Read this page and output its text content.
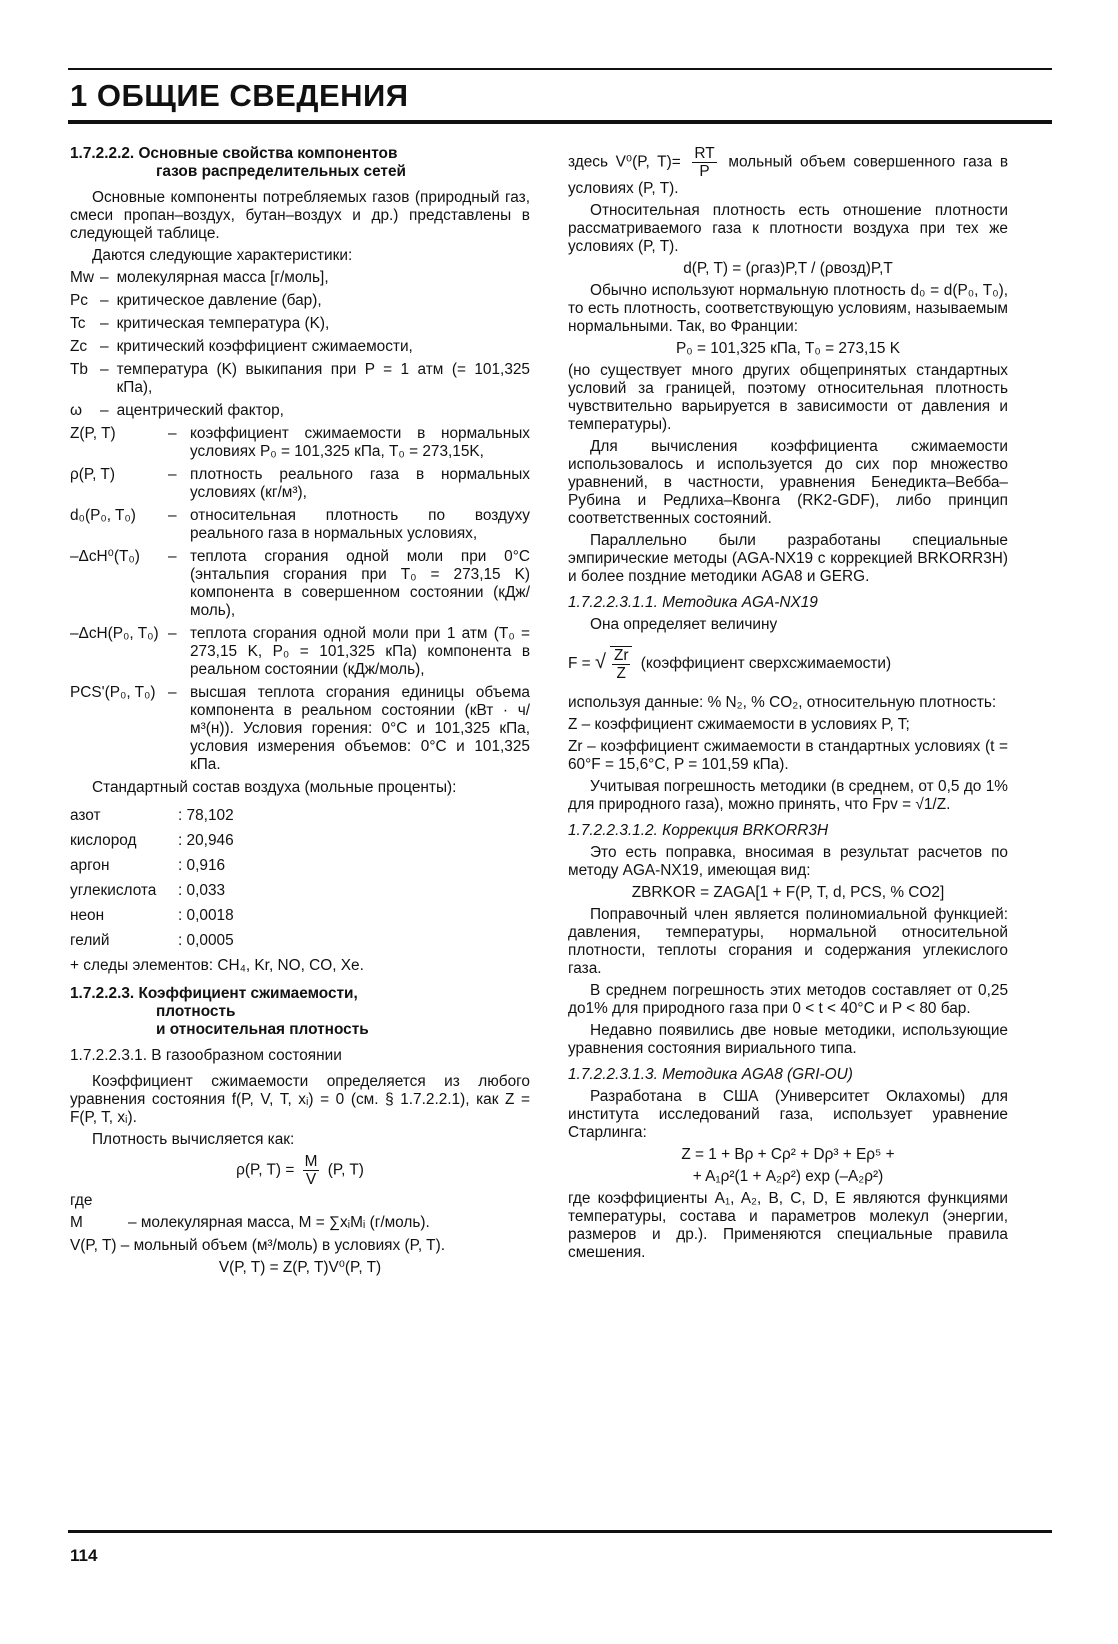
1 ОБЩИЕ СВЕДЕНИЯ
1.7.2.2.2. Основные свойства компонентов
газов распределительных сетей

Основные компоненты потребляемых газов (природный газ, смеси пропан–воздух, бутан–воздух и др.) представлены в следующей таблице.

Даются следующие характеристики:

Mw – молекулярная масса [г/моль],
Pc – критическое давление (бар),
Tc – критическая температура (K),
Zc – критический коэффициент сжимаемости,
Tb – температура (K) выкипания при P = 1 атм (= 101,325 кПа),
ω	– ацентрический фактор,
Z(P, T)	– коэффициент сжимаемости в нормальных условиях P₀ = 101,325 кПа, T₀ = 273,15K,
ρ(P, T)	– плотность реального газа в нормальных условиях (кг/м³),
d₀(P₀, T₀)	– относительная плотность по воздуху реального газа в нормальных условиях,
–ΔcH⁰(T₀)	– теплота сгорания одной моли при 0°C (энтальпия сгорания при T₀ = 273,15 K) компонента в совершенном состоянии (кДж/моль),
–ΔcH(P₀, T₀) – теплота сгорания одной моли при 1 атм (T₀ = 273,15 K, P₀ = 101,325 кПа) компонента в реальном состоянии (кДж/моль),
PCS'(P₀, T₀) – высшая теплота сгорания единицы объема компонента в реальном состоянии (кВт · ч/м³(н)). Условия горения: 0°C и 101,325 кПа, условия измерения объемов: 0°C и 101,325 кПа.

Стандартный состав воздуха (мольные проценты):

азот	: 78,102
кислород	: 20,946
аргон	: 0,916
углекислота	: 0,033
неон	: 0,0018
гелий	: 0,0005

+ следы элементов: CH₄, Kr, NO, CO, Xe.

1.7.2.2.3. Коэффициент сжимаемости,
плотность
и относительная плотность

1.7.2.2.3.1. В газообразном состоянии

Коэффициент сжимаемости определяется из любого уравнения состояния f(P, V, T, xᵢ) = 0 (см. § 1.7.2.2.1), как Z = F(P, T, xᵢ).

Плотность вычисляется как:

ρ(P, $T) = \frac{M}{V} (P$, T)

где

M	– молекулярная масса, M = ∑xᵢMᵢ (г/моль).

V(P, T) – мольный объем (м³/моль) в условиях (P, T).

V(P, T) = Z(P, T)V⁰(P, T)

здесь V⁰(P, $T)= \frac{RT}{P}$ мольный объем совершенного газа в условиях (P, T).

Относительная плотность есть отношение плотности рассматриваемого газа к плотности воздуха при тех же условиях (P, T).

d(P, T) = (ρгаз)P,T / (ρвозд)P,T

Обычно используют нормальную плотность d₀ = d(P₀, T₀), то есть плотность, соответствующую условиям, называемым нормальными. Так, во Франции:

P₀ = 101,325 кПа, T₀ = 273,15 K

(но существует много других общепринятых стандартных условий за границей, поэтому относительная плотность чувствительно варьируется в зависимости от давления и температуры).

Для вычисления коэффициента сжимаемости использовалось и используется до сих пор множество уравнений, в частности, уравнения Бенедикта–Вебба–Рубина и Редлиха–Квонга (RK2-GDF), либо принцип соответственных состояний.

Параллельно были разработаны специальные эмпирические методы (AGA-NX19 с коррекцией BRKORR3H) и более поздние методики AGA8 и GERG.

1.7.2.2.3.1.1. Методика AGA-NX19

Она определяет величину

F = √ $\frac{Zr}{Z}$ (коэффициент сверхсжимаемости)

используя данные: % N₂, % CO₂, относительную плотность:

Z – коэффициент сжимаемости в условиях P, T;

Zr – коэффициент сжимаемости в стандартных условиях (t = 60°F = 15,6°C, P = 101,59 кПа).

Учитывая погрешность методики (в среднем, от 0,5 до 1% для природного газа), можно принять, что Fpv = √1/Z.

1.7.2.2.3.1.2. Коррекция BRKORR3H

Это есть поправка, вносимая в результат расчетов по методу AGA-NX19, имеющая вид:

ZBRKOR = ZAGA[1 + F(P, T, d, PCS, % CO2]

Поправочный член является полиномиальной функцией: давления, температуры, нормальной относительной плотности, теплоты сгорания и содержания углекислого газа.

В среднем погрешность этих методов составляет от 0,25 до1% для природного газа при 0 < t < 40°C и P < 80 бар.

Недавно появились две новые методики, использующие уравнения состояния вириального типа.

1.7.2.2.3.1.3. Методика AGA8 (GRI-OU)

Разработана в США (Университет Оклахомы) для института исследований газа, использует уравнение Старлинга:

Z = 1 + Bρ + Cρ² + Dρ³ + Eρ⁵ +

+ A₁ρ²(1 + A₂ρ²) exp (–A₂ρ²)

где коэффициенты A₁, A₂, B, C, D, E являются функциями температуры, состава и параметров молекул (энергии, размеров и др.). Применяются специальные правила смешения.

114
